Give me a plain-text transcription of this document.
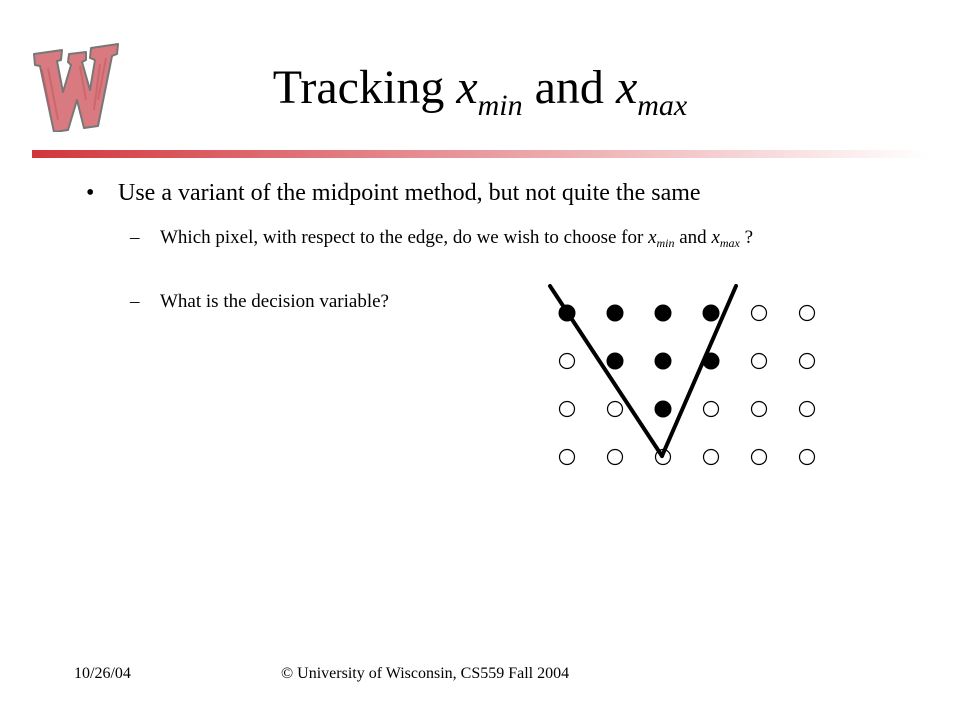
Tracking $x_{min}$ and $x_{max}$
• Use a variant of the midpoint method, but not quite the same
–	Which pixel, with respect to the edge, do we wish to choose for $x_{min}$ and $x_{max}$ ?
–	What is the decision variable?
10/26/04	© University of Wisconsin, CS559 Fall 2004
